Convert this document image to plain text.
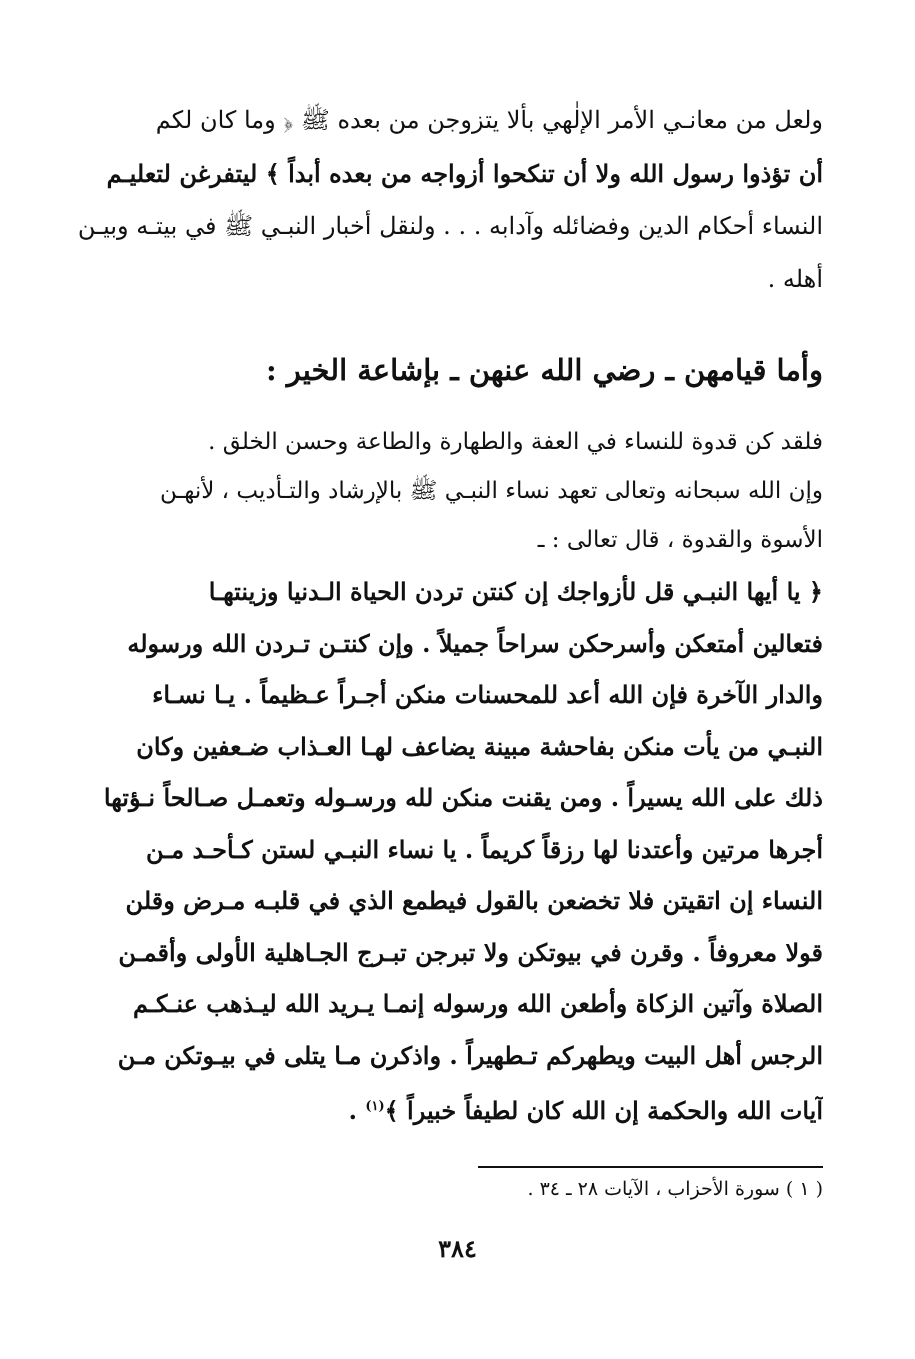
ولعل من معانـي الأمر الإلٰهي بألا يتزوجن من بعده ﷺ ﴿ وما كان لكم
أن تؤذوا رسول الله ولا أن تنكحوا أزواجه من بعده أبداً ﴾ ليتفرغن لتعليـم
النساء أحكام الدين وفضائله وآدابه . . . ولنقل أخبار النبـي ﷺ في بيتـه وبيـن
أهله .
وأما قيامهن ـ رضي الله عنهن ـ بإشاعة الخير :
فلقد كن قدوة للنساء في العفة والطهارة والطاعة وحسن الخلق .
وإن الله سبحانه وتعالى تعهد نساء النبـي ﷺ بالإرشاد والتـأديب ، لأنهـن
الأسوة والقدوة ، قال تعالى : ـ
﴿ يا أيها النبـي قل لأزواجك إن كنتن تردن الحياة الـدنيا وزينتهـا
فتعالين أمتعكن وأسرحكن سراحاً جميلاً . وإن كنتـن تـردن الله ورسوله
والدار الآخرة فإن الله أعد للمحسنات منكن أجـراً عـظيماً . يـا نسـاء
النبـي من يأت منكن بفاحشة مبينة يضاعف لهـا العـذاب ضـعفين وكان
ذلك على الله يسيراً . ومن يقنت منكن لله ورسـوله وتعمـل صـالحاً نـؤتها
أجرها مرتين وأعتدنا لها رزقاً كريماً . يا نساء النبـي لستن كـأحـد مـن
النساء إن اتقيتن فلا تخضعن بالقول فيطمع الذي في قلبـه مـرض وقلن
قولا معروفاً . وقرن في بيوتكن ولا تبرجن تبـرج الجـاهلية الأولى وأقمـن
الصلاة وآتين الزكاة وأطعن الله ورسوله إنمـا يـريد الله ليـذهب عنـكـم
الرجس أهل البيت ويطهركم تـطهيراً . واذكرن مـا يتلى في بيـوتكن مـن
آيات الله والحكمة إن الله كان لطيفاً خبيراً ﴾$^{(١)}$ .
( ١ ) سورة الأحزاب ، الآيات ٢٨ ـ ٣٤ .
٣٨٤
